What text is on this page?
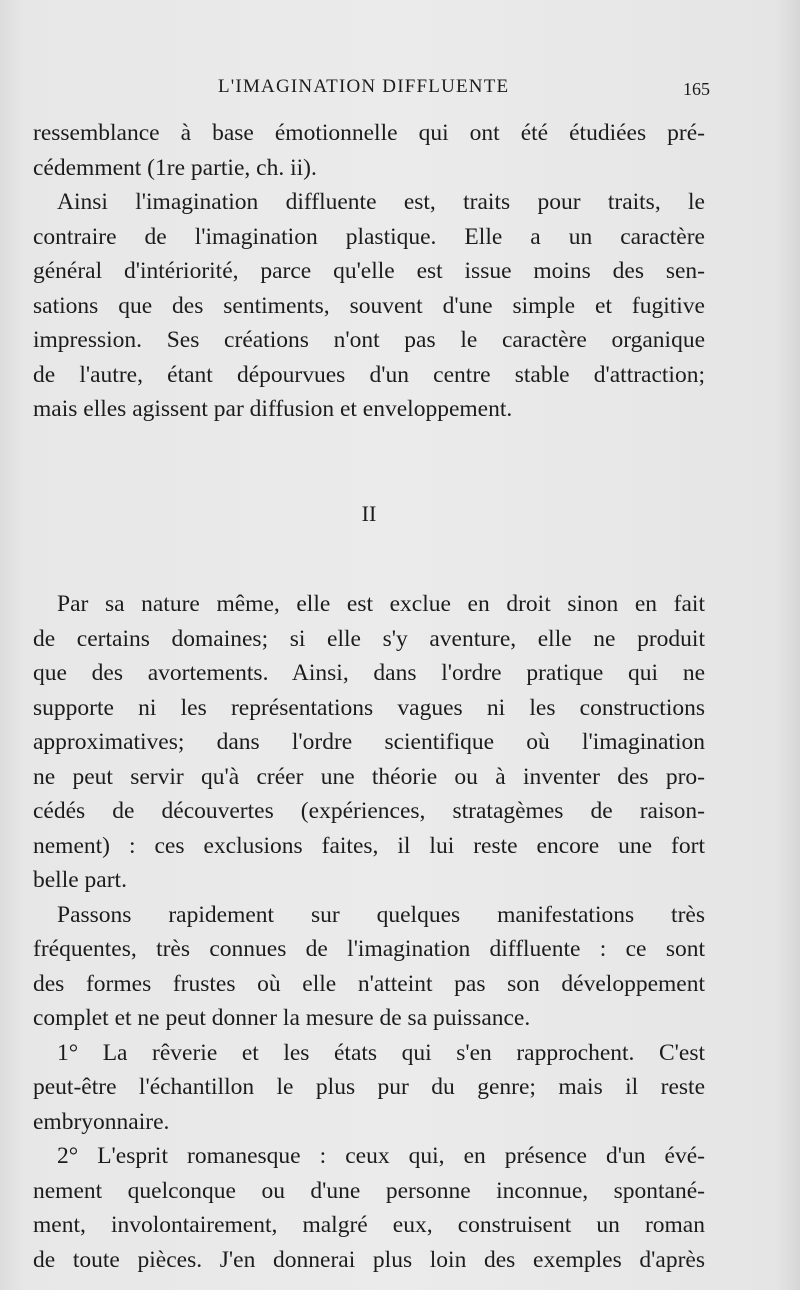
L'IMAGINATION DIFFLUENTE	165
ressemblance à base émotionnelle qui ont été étudiées pré-
cédemment (1re partie, ch. ii).
Ainsi l'imagination diffluente est, traits pour traits, le
contraire de l'imagination plastique. Elle a un caractère
général d'intériorité, parce qu'elle est issue moins des sen-
sations que des sentiments, souvent d'une simple et fugitive
impression. Ses créations n'ont pas le caractère organique
de l'autre, étant dépourvues d'un centre stable d'attraction;
mais elles agissent par diffusion et enveloppement.
II
Par sa nature même, elle est exclue en droit sinon en fait
de certains domaines; si elle s'y aventure, elle ne produit
que des avortements. Ainsi, dans l'ordre pratique qui ne
supporte ni les représentations vagues ni les constructions
approximatives; dans l'ordre scientifique où l'imagination
ne peut servir qu'à créer une théorie ou à inventer des pro-
cédés de découvertes (expériences, stratagèmes de raison-
nement) : ces exclusions faites, il lui reste encore une fort
belle part.
Passons rapidement sur quelques manifestations très
fréquentes, très connues de l'imagination diffluente : ce sont
des formes frustes où elle n'atteint pas son développement
complet et ne peut donner la mesure de sa puissance.
1° La rêverie et les états qui s'en rapprochent. C'est
peut-être l'échantillon le plus pur du genre; mais il reste
embryonnaire.
2° L'esprit romanesque : ceux qui, en présence d'un évé-
nement quelconque ou d'une personne inconnue, spontané-
ment, involontairement, malgré eux, construisent un roman
de toute pièces. J'en donnerai plus loin des exemples d'après
